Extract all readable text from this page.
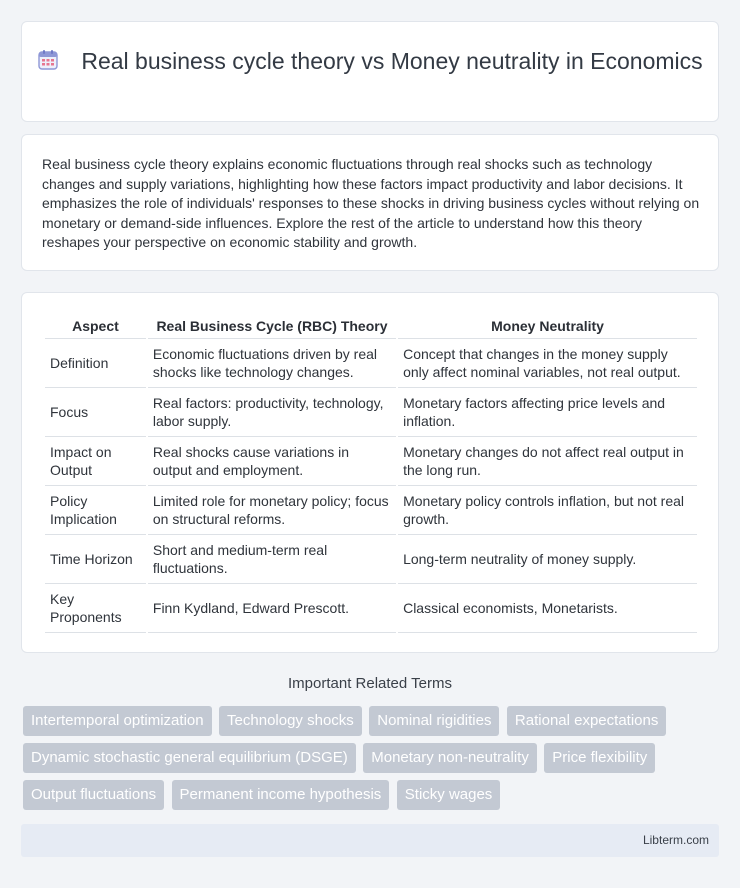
Real business cycle theory vs Money neutrality in Economics

Real business cycle theory explains economic fluctuations through real shocks such as technology changes and supply variations, highlighting how these factors impact productivity and labor decisions. It emphasizes the role of individuals' responses to these shocks in driving business cycles without relying on monetary or demand-side influences. Explore the rest of the article to understand how this theory reshapes your perspective on economic stability and growth.

Aspect	Real Business Cycle (RBC) Theory	Money Neutrality
Definition	Economic fluctuations driven by real shocks like technology changes.	Concept that changes in the money supply only affect nominal variables, not real output.
Focus	Real factors: productivity, technology, labor supply.	Monetary factors affecting price levels and inflation.
Impact on Output	Real shocks cause variations in output and employment.	Monetary changes do not affect real output in the long run.
Policy Implication	Limited role for monetary policy; focus on structural reforms.	Monetary policy controls inflation, but not real growth.
Time Horizon	Short and medium-term real fluctuations.	Long-term neutrality of money supply.
Key Proponents	Finn Kydland, Edward Prescott.	Classical economists, Monetarists.
Important Related Terms
Intertemporal optimization Technology shocks Nominal rigidities Rational expectations Dynamic stochastic general equilibrium (DSGE) Monetary non-neutrality Price flexibility Output fluctuations Permanent income hypothesis Sticky wages
Libterm.com
